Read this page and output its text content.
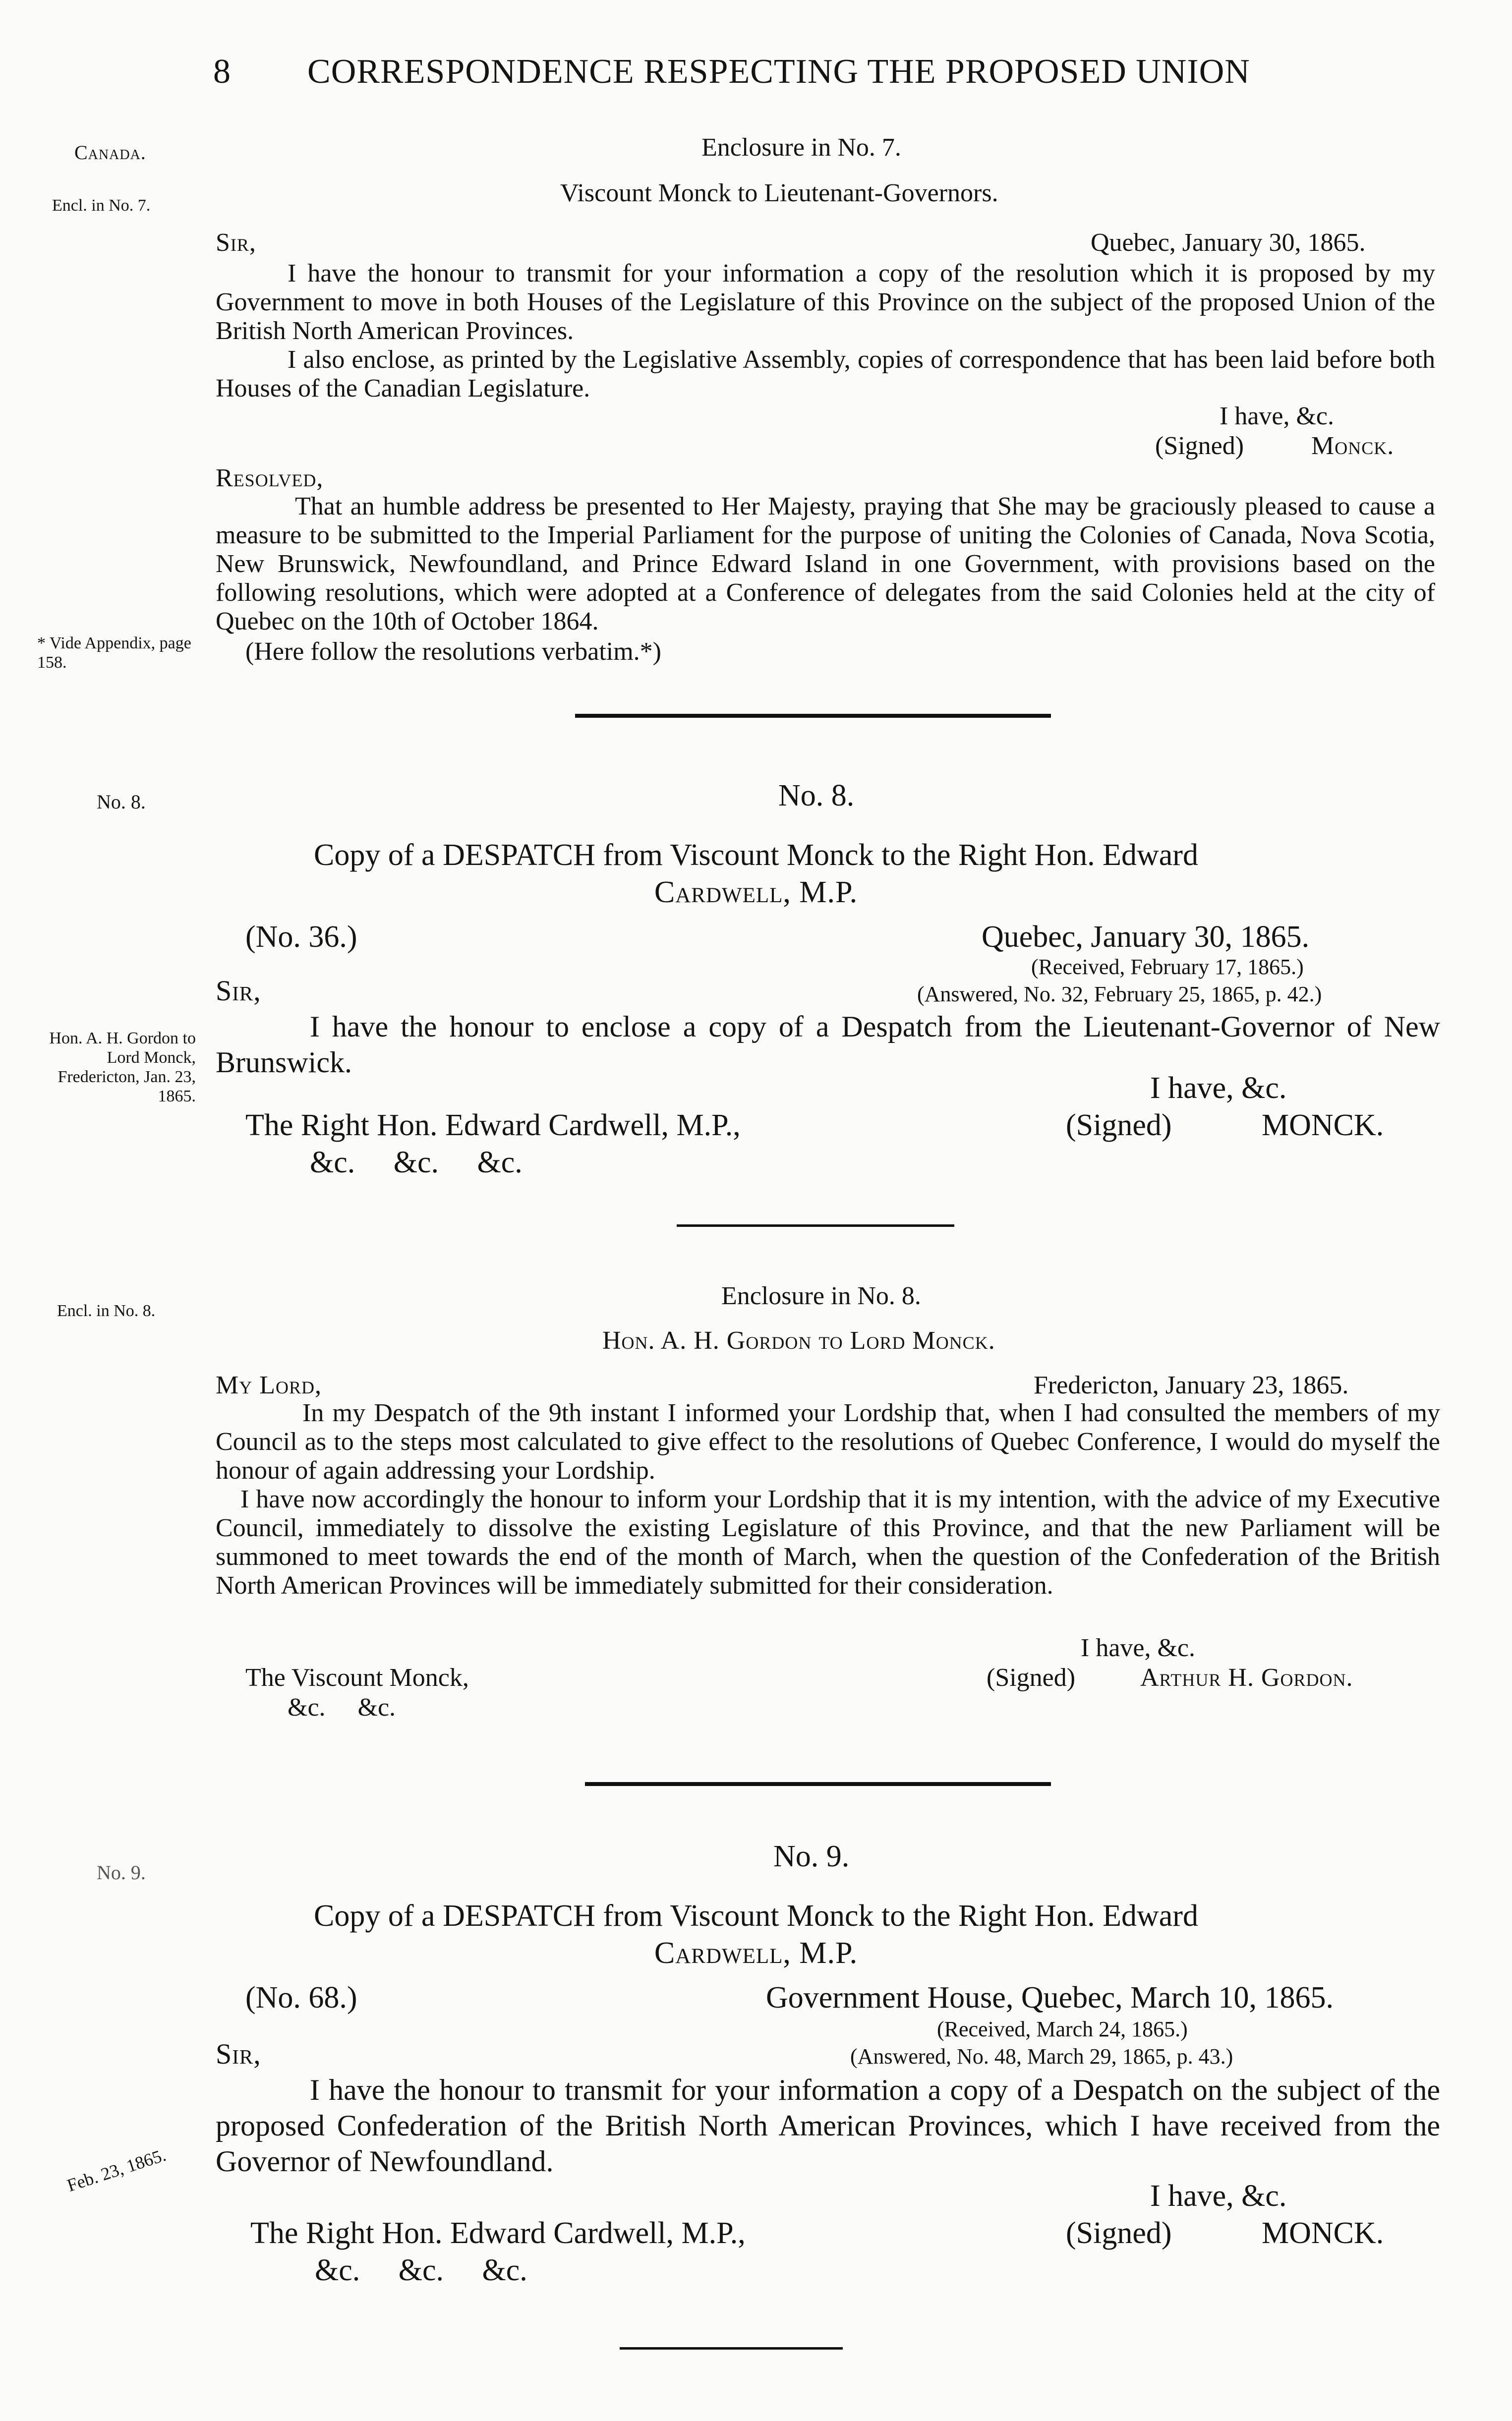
8 CORRESPONDENCE RESPECTING THE PROPOSED UNION
Canada.
Encl. in No. 7.
Enclosure in No. 7.
Viscount Monck to Lieutenant-Governors.
Sir,	Quebec, January 30, 1865.
I have the honour to transmit for your information a copy of the resolution which it is proposed by my Government to move in both Houses of the Legislature of this Province on the subject of the proposed Union of the British North American Provinces.
I also enclose, as printed by the Legislative Assembly, copies of correspondence that has been laid before both Houses of the Canadian Legislature.
I have, &c.
(Signed)	Monck.
Resolved,
That an humble address be presented to Her Majesty, praying that She may be graciously pleased to cause a measure to be submitted to the Imperial Parliament for the purpose of uniting the Colonies of Canada, Nova Scotia, New Brunswick, Newfoundland, and Prince Edward Island in one Government, with provisions based on the following resolutions, which were adopted at a Conference of delegates from the said Colonies held at the city of Quebec on the 10th of October 1864.
(Here follow the resolutions verbatim.*)
* Vide Appendix, page 158.
No. 8.	No. 8.
Copy of a DESPATCH from Viscount Monck to the Right Hon. Edward
Cardwell, M.P.
(No. 36.)	Quebec, January 30, 1865.
(Received, February 17, 1865.)
Sir,	(Answered, No. 32, February 25, 1865, p. 42.)
I have the honour to enclose a copy of a Despatch from the Lieutenant-Governor of New Brunswick.
I have, &c.
(Signed)	MONCK.
The Right Hon. Edward Cardwell, M.P.,
&c.     &c.     &c.
Hon. A. H. Gordon to Lord Monck, Fredericton, Jan. 23, 1865.
Encl. in No. 8.
Enclosure in No. 8.
Hon. A. H. Gordon to Lord Monck.
My Lord,	Fredericton, January 23, 1865.
In my Despatch of the 9th instant I informed your Lordship that, when I had consulted the members of my Council as to the steps most calculated to give effect to the resolutions of Quebec Conference, I would do myself the honour of again addressing your Lordship.
I have now accordingly the honour to inform your Lordship that it is my intention, with the advice of my Executive Council, immediately to dissolve the existing Legislature of this Province, and that the new Parliament will be summoned to meet towards the end of the month of March, when the question of the Confederation of the British North American Provinces will be immediately submitted for their consideration.
I have, &c.
The Viscount Monck,	(Signed)	Arthur H. Gordon.
&c.     &c.
No. 9.	No. 9.
Copy of a DESPATCH from Viscount Monck to the Right Hon. Edward
Cardwell, M.P.
(No. 68.)	Government House, Quebec, March 10, 1865.
(Received, March 24, 1865.)
Sir,	(Answered, No. 48, March 29, 1865, p. 43.)
I have the honour to transmit for your information a copy of a Despatch on the subject of the proposed Confederation of the British North American Provinces, which I have received from the Governor of Newfoundland.
I have, &c.
The Right Hon. Edward Cardwell, M.P.,	(Signed)	MONCK.
&c.     &c.     &c.
Feb. 23, 1865.
